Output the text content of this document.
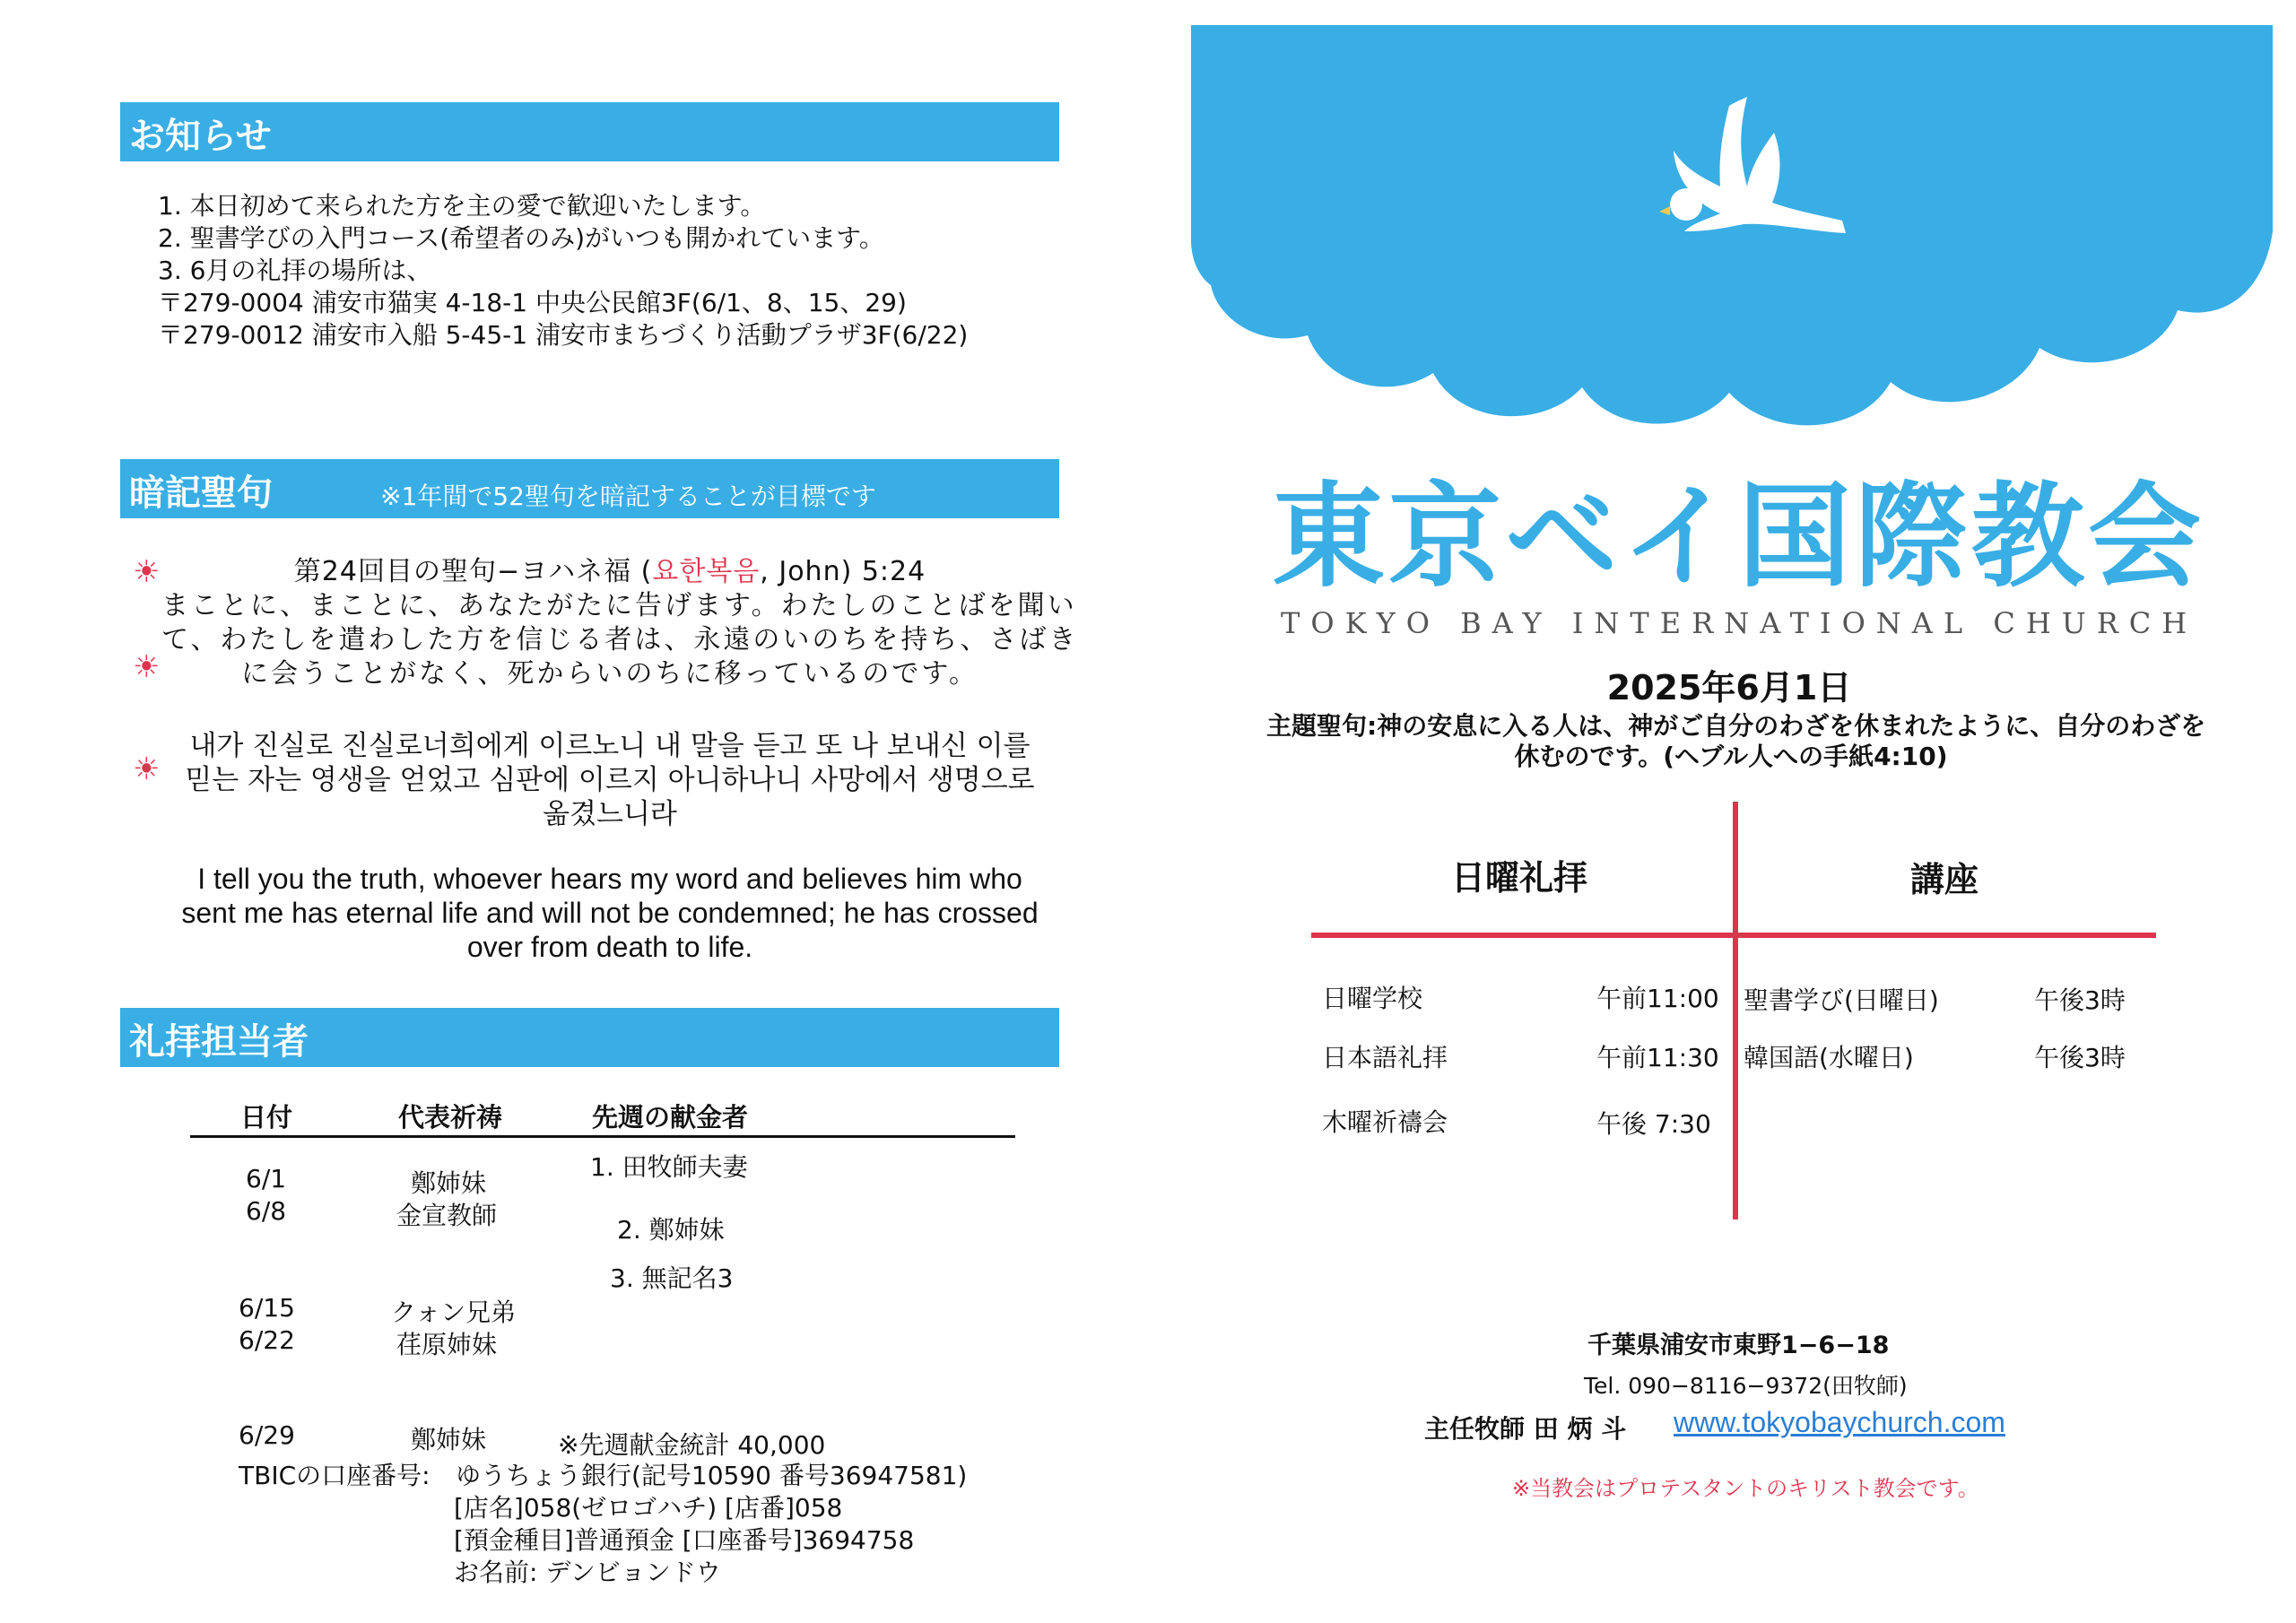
お知らせ
1. 本日初めて来られた方を主の愛で歓迎いたします。
2. 聖書学びの入門コース(希望者のみ)がいつも開かれています。
3. 6月の礼拝の場所は、
〒279-0004 浦安市猫実 4-18-1 中央公民館3F(6/1、8、15、29)
〒279-0012 浦安市入船 5-45-1 浦安市まちづくり活動プラザ3F(6/22)
暗記聖句	※1年間で52聖句を暗記することが目標です
☀
☀
☀
第24回目の聖句−ヨハネ福 (요한복음, John) 5:24
まことに、まことに、あなたがたに告げます。わたしのことばを聞い
て、わたしを遣わした方を信じる者は、永遠のいのちを持ち、さばき
に会うことがなく、死からいのちに移っているのです。
내가 진실로 진실로너희에게 이르노니 내 말을 듣고 또 나 보내신 이를
믿는 자는 영생을 얻었고 심판에 이르지 아니하나니 사망에서 생명으로
옮겼느니라
I tell you the truth, whoever hears my word and believes him who
sent me has eternal life and will not be condemned; he has crossed
over from death to life.
礼拝担当者
日付	代表祈祷	先週の献金者
6/1	鄭姉妹
6/8	金宣教師
6/15	クォン兄弟
6/22	荏原姉妹
6/29	鄭姉妹
1. 田牧師夫妻
2. 鄭姉妹
3. 無記名3
※先週献金統計 40,000
TBICの口座番号: ゆうちょう銀行(記号10590 番号36947581)
[店名]058(ゼロゴハチ) [店番]058
[預金種目]普通預金 [口座番号]3694758
お名前: デンビョンドウ
東京ベイ国際教会
TOKYO BAY INTERNATIONAL CHURCH
2025年6月1日
主題聖句:神の安息に入る人は、神がご自分のわざを休まれたように、自分のわざを
休むのです。(ヘブル人への手紙4:10)
日曜礼拝	講座
日曜学校	午前11:00
日本語礼拝	午前11:30
木曜祈禱会	午後 7:30
聖書学び(日曜日)	午後3時
韓国語(水曜日)	午後3時
千葉県浦安市東野1−6−18
Tel. 090−8116−9372(田牧師)
主任牧師 田 炳 斗 www.tokyobaychurch.com
※当教会はプロテスタントのキリスト教会です。
